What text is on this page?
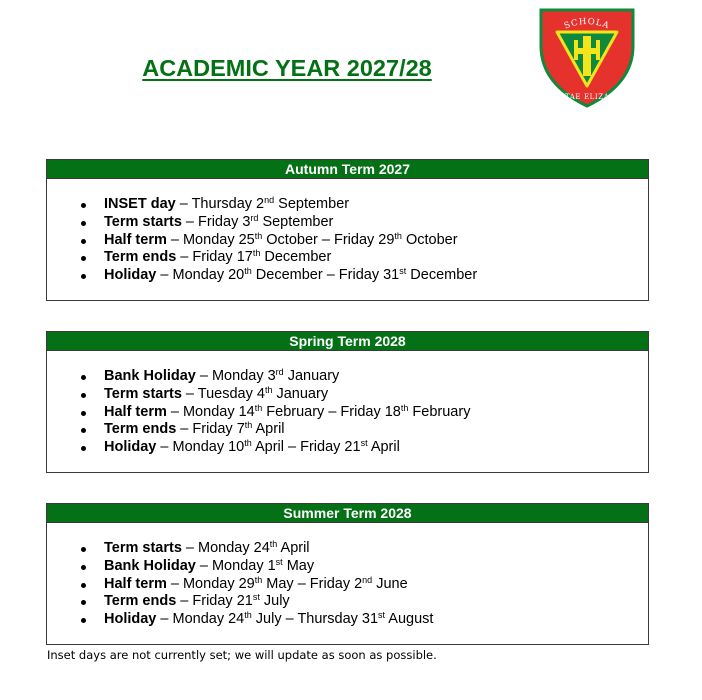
ACADEMIC YEAR 2027/28
SCHOLA
SANCTAE ELIZABETH
Autumn Term 2027
INSET day – Thursday 2nd September
Term starts – Friday 3rd September
Half term – Monday 25th October – Friday 29th October
Term ends – Friday 17th December
Holiday – Monday 20th December – Friday 31st December
Spring Term 2028
Bank Holiday – Monday 3rd January
Term starts – Tuesday 4th January
Half term – Monday 14th February – Friday 18th February
Term ends – Friday 7th April
Holiday – Monday 10th April – Friday 21st April
Summer Term 2028
Term starts – Monday 24th April
Bank Holiday – Monday 1st May
Half term – Monday 29th May – Friday 2nd June
Term ends – Friday 21st July
Holiday – Monday 24th July – Thursday 31st August
Inset days are not currently set; we will update as soon as possible.
